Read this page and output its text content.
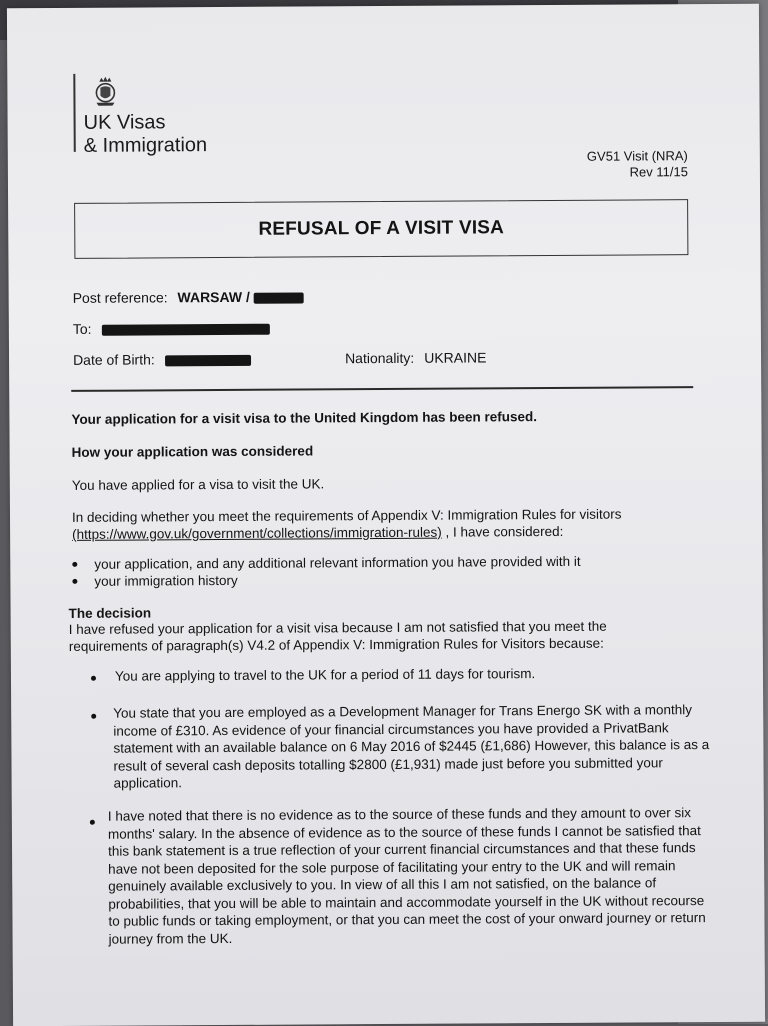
UK Visas
& Immigration	GV51 Visit (NRA)
Rev 11/15
REFUSAL OF A VISIT VISA
Post reference: WARSAW /
To:
Date of Birth:	Nationality: UKRAINE
Your application for a visit visa to the United Kingdom has been refused.
How your application was considered
You have applied for a visa to visit the UK.
In deciding whether you meet the requirements of Appendix V: Immigration Rules for visitors
(https://www.gov.uk/government/collections/immigration-rules) , I have considered:
your application, and any additional relevant information you have provided with it
your immigration history
The decision
I have refused your application for a visit visa because I am not satisfied that you meet the
requirements of paragraph(s) V4.2 of Appendix V: Immigration Rules for Visitors because:
You are applying to travel to the UK for a period of 11 days for tourism.
You state that you are employed as a Development Manager for Trans Energo SK with a monthly income of £310. As evidence of your financial circumstances you have provided a PrivatBank statement with an available balance on 6 May 2016 of $2445 (£1,686) However, this balance is as a result of several cash deposits totalling $2800 (£1,931) made just before you submitted your application.
I have noted that there is no evidence as to the source of these funds and they amount to over six months' salary. In the absence of evidence as to the source of these funds I cannot be satisfied that this bank statement is a true reflection of your current financial circumstances and that these funds have not been deposited for the sole purpose of facilitating your entry to the UK and will remain genuinely available exclusively to you. In view of all this I am not satisfied, on the balance of probabilities, that you will be able to maintain and accommodate yourself in the UK without recourse to public funds or taking employment, or that you can meet the cost of your onward journey or return journey from the UK.
